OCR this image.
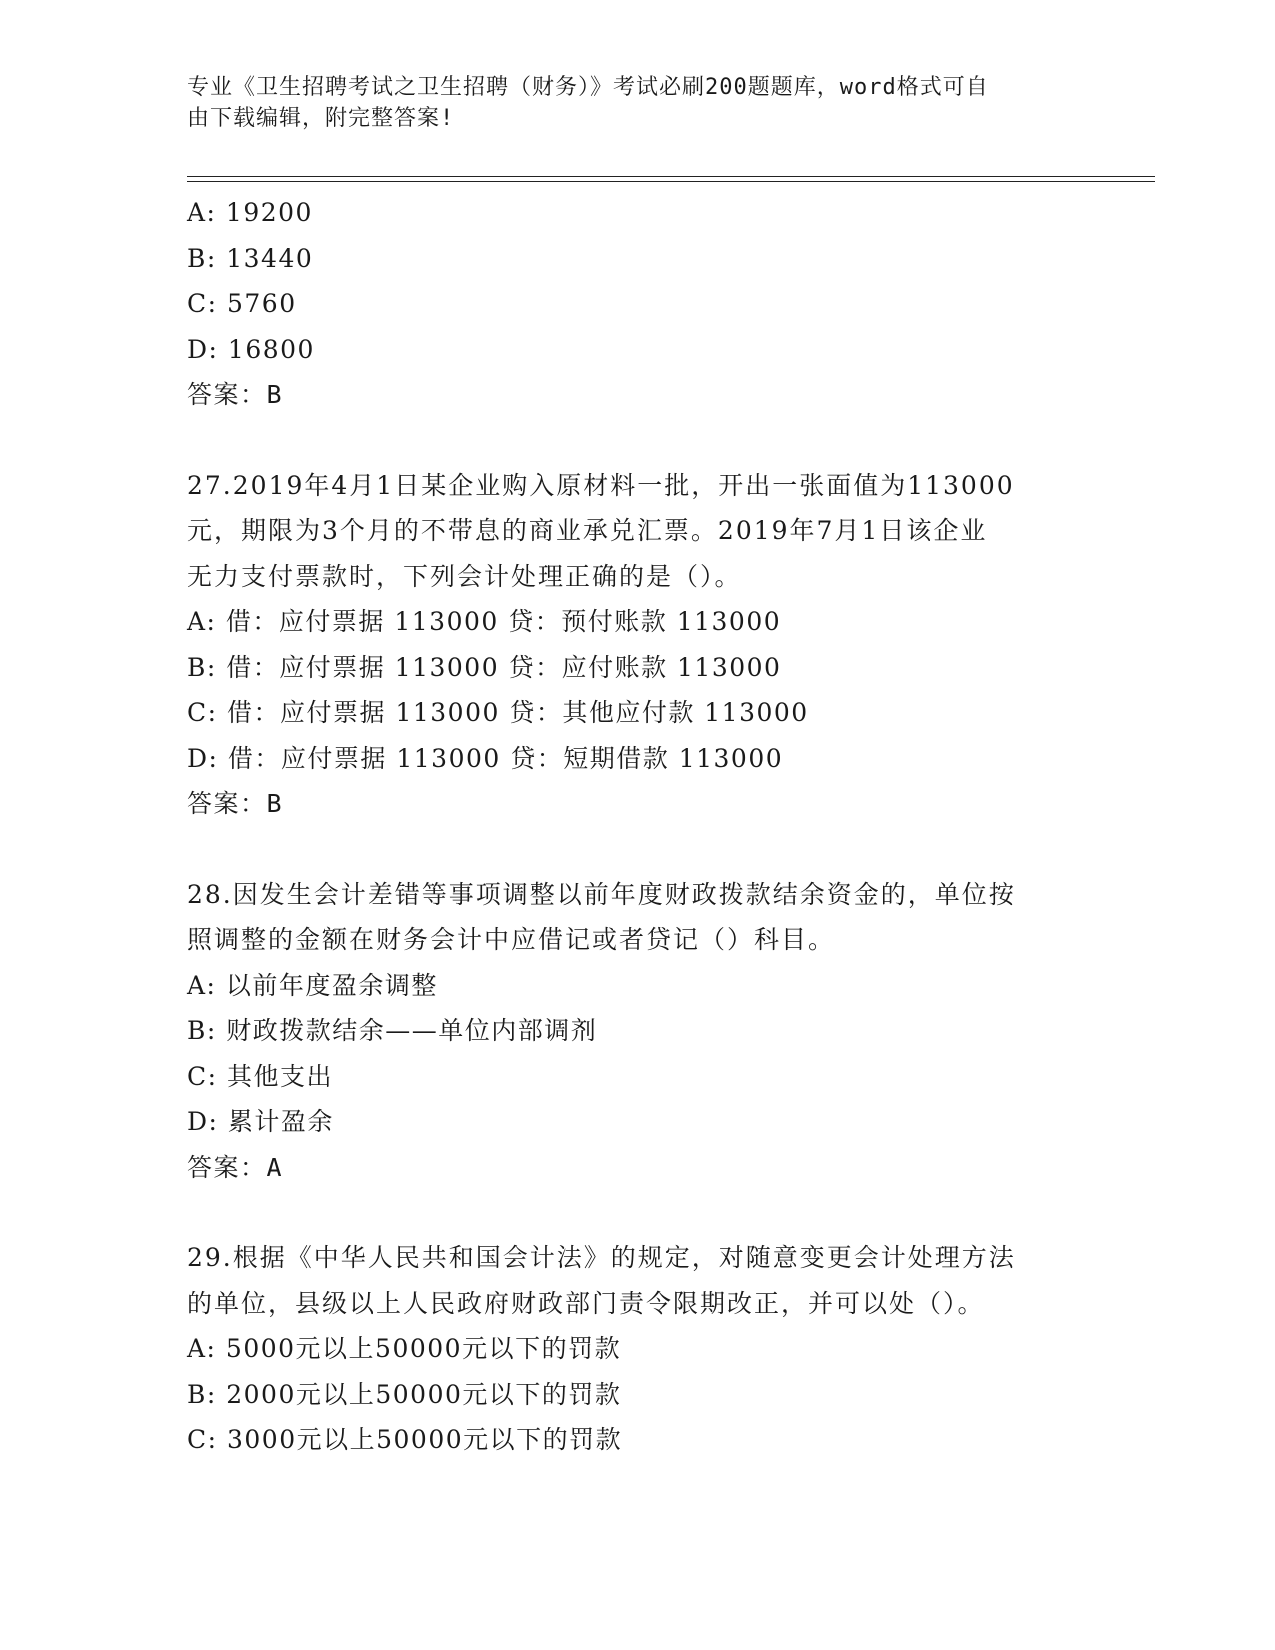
专业《卫生招聘考试之卫生招聘（财务）》考试必刷200题题库，word格式可自
由下载编辑，附完整答案!
A: 19200
B: 13440
C: 5760
D: 16800
答案：B
27.2019年4月1日某企业购入原材料一批，开出一张面值为113000
元，期限为3个月的不带息的商业承兑汇票。2019年7月1日该企业
无力支付票款时，下列会计处理正确的是（）。
A: 借：应付票据 113000 贷：预付账款 113000
B: 借：应付票据 113000 贷：应付账款 113000
C: 借：应付票据 113000 贷：其他应付款 113000
D: 借：应付票据 113000 贷：短期借款 113000
答案：B
28.因发生会计差错等事项调整以前年度财政拨款结余资金的，单位按
照调整的金额在财务会计中应借记或者贷记（）科目。
A: 以前年度盈余调整
B: 财政拨款结余——单位内部调剂
C: 其他支出
D: 累计盈余
答案：A
29.根据《中华人民共和国会计法》的规定，对随意变更会计处理方法
的单位，县级以上人民政府财政部门责令限期改正，并可以处（）。
A: 5000元以上50000元以下的罚款
B: 2000元以上50000元以下的罚款
C: 3000元以上50000元以下的罚款
